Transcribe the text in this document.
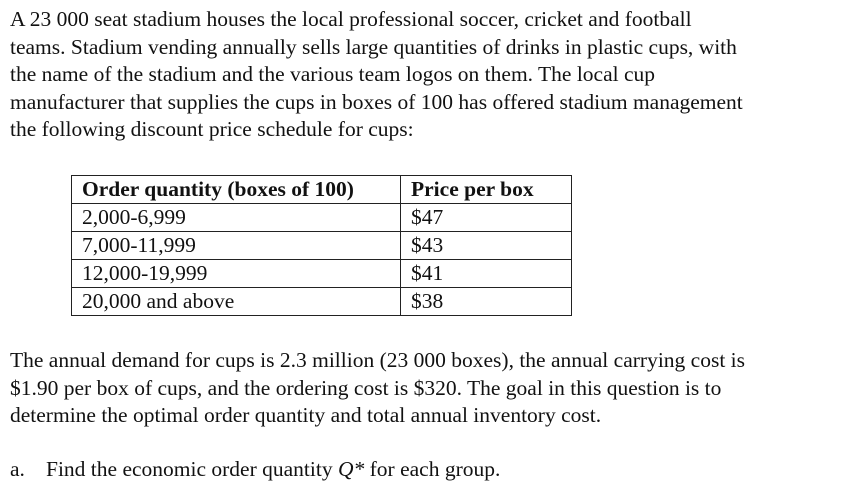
A 23 000 seat stadium houses the local professional soccer, cricket and football
teams. Stadium vending annually sells large quantities of drinks in plastic cups, with
the name of the stadium and the various team logos on them. The local cup
manufacturer that supplies the cups in boxes of 100 has offered stadium management
the following discount price schedule for cups:

Order quantity (boxes of 100)	Price per box
2,000-6,999	$47
7,000-11,999	$43
12,000-19,999	$41
20,000 and above	$38

The annual demand for cups is 2.3 million (23 000 boxes), the annual carrying cost is
$1.90 per box of cups, and the ordering cost is $320. The goal in this question is to
determine the optimal order quantity and total annual inventory cost.

a. Find the economic order quantity Q* for each group.
